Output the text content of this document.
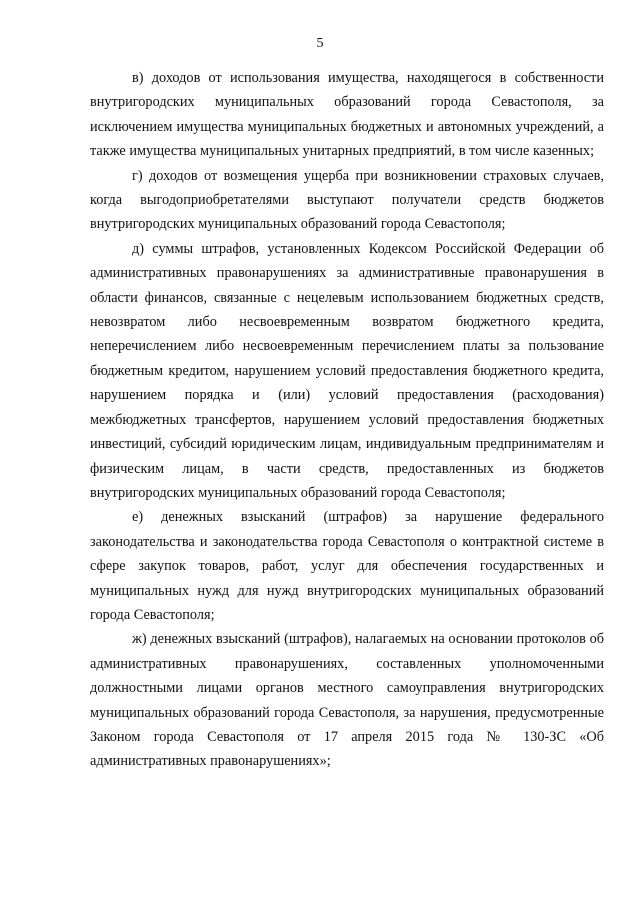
5

в) доходов от использования имущества, находящегося в собственности внутригородских муниципальных образований города Севастополя, за исключением имущества муниципальных бюджетных и автономных учреждений, а также имущества муниципальных унитарных предприятий, в том числе казенных;

г) доходов от возмещения ущерба при возникновении страховых случаев, когда выгодоприобретателями выступают получатели средств бюджетов внутригородских муниципальных образований города Севастополя;

д) суммы штрафов, установленных Кодексом Российской Федерации об административных правонарушениях за административные правонарушения в области финансов, связанные с нецелевым использованием бюджетных средств, невозвратом либо несвоевременным возвратом бюджетного кредита, неперечислением либо несвоевременным перечислением платы за пользование бюджетным кредитом, нарушением условий предоставления бюджетного кредита, нарушением порядка и (или) условий предоставления (расходования) межбюджетных трансфертов, нарушением условий предоставления бюджетных инвестиций, субсидий юридическим лицам, индивидуальным предпринимателям и физическим лицам, в части средств, предоставленных из бюджетов внутригородских муниципальных образований города Севастополя;

е) денежных взысканий (штрафов) за нарушение федерального законодательства и законодательства города Севастополя о контрактной системе в сфере закупок товаров, работ, услуг для обеспечения государственных и муниципальных нужд для нужд внутригородских муниципальных образований города Севастополя;

ж) денежных взысканий (штрафов), налагаемых на основании протоколов об административных правонарушениях, составленных уполномоченными должностными лицами органов местного самоуправления внутригородских муниципальных образований города Севастополя, за нарушения, предусмотренные Законом города Севастополя от 17 апреля 2015 года № 130-ЗС «Об административных правонарушениях»;
